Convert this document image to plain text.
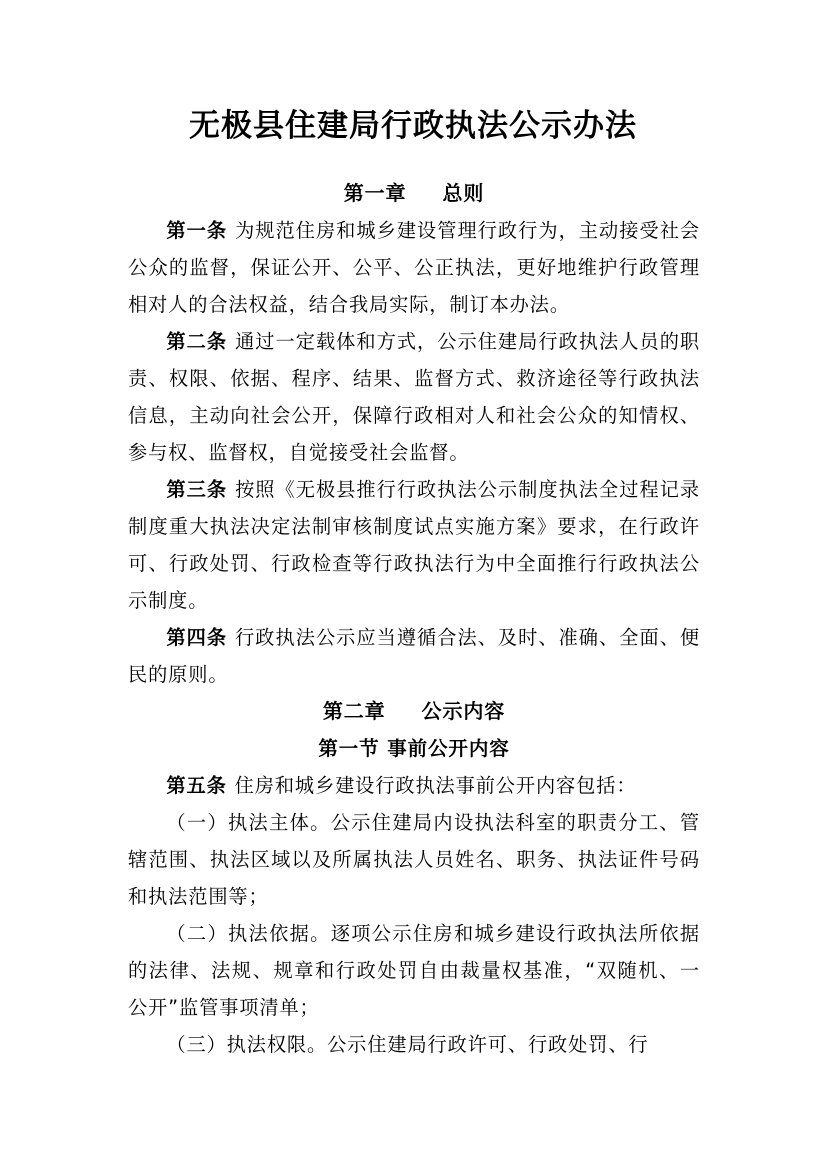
无极县住建局行政执法公示办法

第一章 总则

第一条 为规范住房和城乡建设管理行政行为，主动接受社会公众的监督，保证公开、公平、公正执法，更好地维护行政管理相对人的合法权益，结合我局实际，制订本办法。

第二条 通过一定载体和方式，公示住建局行政执法人员的职责、权限、依据、程序、结果、监督方式、救济途径等行政执法信息，主动向社会公开，保障行政相对人和社会公众的知情权、参与权、监督权，自觉接受社会监督。

第三条 按照《无极县推行行政执法公示制度执法全过程记录制度重大执法决定法制审核制度试点实施方案》要求，在行政许可、行政处罚、行政检查等行政执法行为中全面推行行政执法公示制度。

第四条 行政执法公示应当遵循合法、及时、准确、全面、便民的原则。

第二章 公示内容

第一节 事前公开内容

第五条 住房和城乡建设行政执法事前公开内容包括：

（一）执法主体。公示住建局内设执法科室的职责分工、管辖范围、执法区域以及所属执法人员姓名、职务、执法证件号码和执法范围等；

（二）执法依据。逐项公示住房和城乡建设行政执法所依据的法律、法规、规章和行政处罚自由裁量权基准，“双随机、一公开”监管事项清单；

（三）执法权限。公示住建局行政许可、行政处罚、行
